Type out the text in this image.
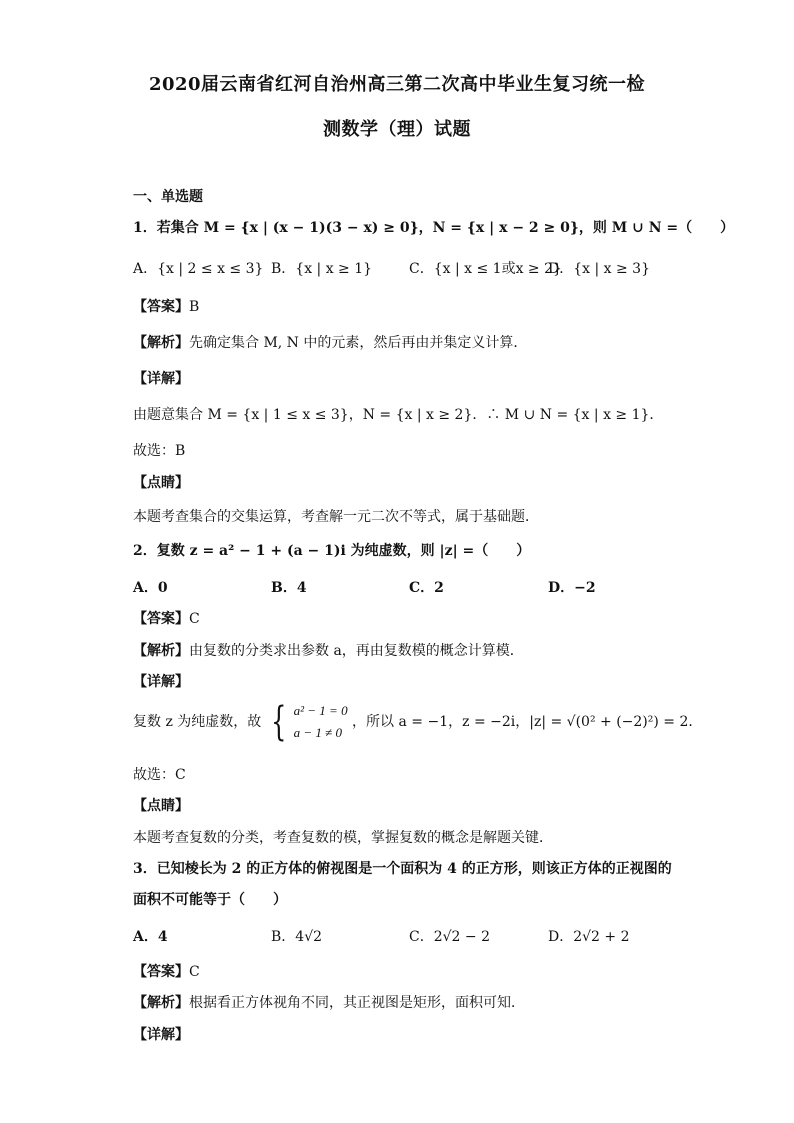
2020届云南省红河自治州高三第二次高中毕业生复习统一检
测数学（理）试题
一、单选题
1．若集合 M = {x | (x − 1)(3 − x) ≥ 0}，N = {x | x − 2 ≥ 0}，则 M ∪ N =（　　）
A．{x | 2 ≤ x ≤ 3} B．{x | x ≥ 1}	C．{x | x ≤ 1或x ≥ 2}
D．{x | x ≥ 3}
【答案】B
【解析】先确定集合 M, N 中的元素，然后再由并集定义计算．
【详解】
由题意集合 M = {x | 1 ≤ x ≤ 3}，N = {x | x ≥ 2}．∴ M ∪ N = {x | x ≥ 1}．
故选：B
【点睛】
本题考查集合的交集运算，考查解一元二次不等式，属于基础题．
2．复数 z = a² − 1 + (a − 1)i 为纯虚数，则 |z| =（　　）
A．0	B．4	C．2	D．−2
【答案】C
【解析】由复数的分类求出参数 a，再由复数模的概念计算模．
【详解】
复数 z 为纯虚数，故 { a² − 1 = 0
a − 1 ≠ 0
，所以 a = −1，z = −2i，|z| = √(0² + (−2)²) = 2．
故选：C
【点睛】
本题考查复数的分类，考查复数的模，掌握复数的概念是解题关键．
3．已知棱长为 2 的正方体的俯视图是一个面积为 4 的正方形，则该正方体的正视图的
面积不可能等于（　　）
A．4	B．4√2	C．2√2 − 2	D．2√2 + 2
【答案】C
【解析】根据看正方体视角不同，其正视图是矩形，面积可知．
【详解】
